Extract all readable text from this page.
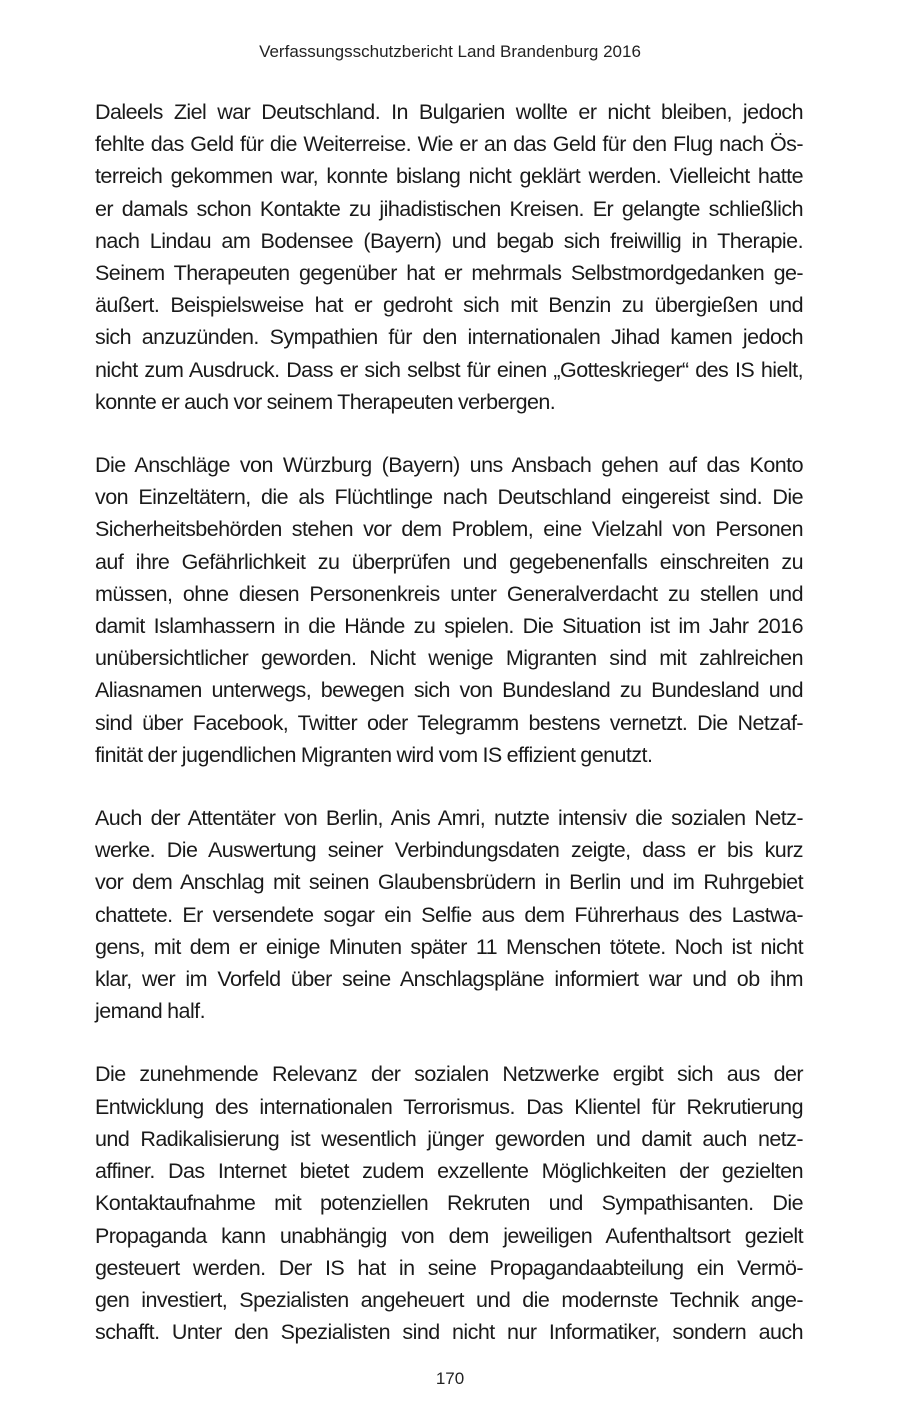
Verfassungsschutzbericht Land Brandenburg 2016

Daleels Ziel war Deutschland. In Bulgarien wollte er nicht bleiben, jedoch
fehlte das Geld für die Weiterreise. Wie er an das Geld für den Flug nach Ös-
terreich gekommen war, konnte bislang nicht geklärt werden. Vielleicht hatte
er damals schon Kontakte zu jihadistischen Kreisen. Er gelangte schließlich
nach Lindau am Bodensee (Bayern) und begab sich freiwillig in Therapie.
Seinem Therapeuten gegenüber hat er mehrmals Selbstmordgedanken ge-
äußert. Beispielsweise hat er gedroht sich mit Benzin zu übergießen und
sich anzuzünden. Sympathien für den internationalen Jihad kamen jedoch
nicht zum Ausdruck. Dass er sich selbst für einen „Gotteskrieger“ des IS hielt,
konnte er auch vor seinem Therapeuten verbergen.

Die Anschläge von Würzburg (Bayern) uns Ansbach gehen auf das Konto
von Einzeltätern, die als Flüchtlinge nach Deutschland eingereist sind. Die
Sicherheitsbehörden stehen vor dem Problem, eine Vielzahl von Personen
auf ihre Gefährlichkeit zu überprüfen und gegebenenfalls einschreiten zu
müssen, ohne diesen Personenkreis unter Generalverdacht zu stellen und
damit Islamhassern in die Hände zu spielen. Die Situation ist im Jahr 2016
unübersichtlicher geworden. Nicht wenige Migranten sind mit zahlreichen
Aliasnamen unterwegs, bewegen sich von Bundesland zu Bundesland und
sind über Facebook, Twitter oder Telegramm bestens vernetzt. Die Netzaf-
finität der jugendlichen Migranten wird vom IS effizient genutzt.

Auch der Attentäter von Berlin, Anis Amri, nutzte intensiv die sozialen Netz-
werke. Die Auswertung seiner Verbindungsdaten zeigte, dass er bis kurz
vor dem Anschlag mit seinen Glaubensbrüdern in Berlin und im Ruhrgebiet
chattete. Er versendete sogar ein Selfie aus dem Führerhaus des Lastwa-
gens, mit dem er einige Minuten später 11 Menschen tötete. Noch ist nicht
klar, wer im Vorfeld über seine Anschlagspläne informiert war und ob ihm
jemand half.

Die zunehmende Relevanz der sozialen Netzwerke ergibt sich aus der
Entwicklung des internationalen Terrorismus. Das Klientel für Rekrutierung
und Radikalisierung ist wesentlich jünger geworden und damit auch netz-
affiner. Das Internet bietet zudem exzellente Möglichkeiten der gezielten
Kontaktaufnahme mit potenziellen Rekruten und Sympathisanten. Die
Propaganda kann unabhängig von dem jeweiligen Aufenthaltsort gezielt
gesteuert werden. Der IS hat in seine Propagandaabteilung ein Vermö-
gen investiert, Spezialisten angeheuert und die modernste Technik ange-
schafft. Unter den Spezialisten sind nicht nur Informatiker, sondern auch

170
